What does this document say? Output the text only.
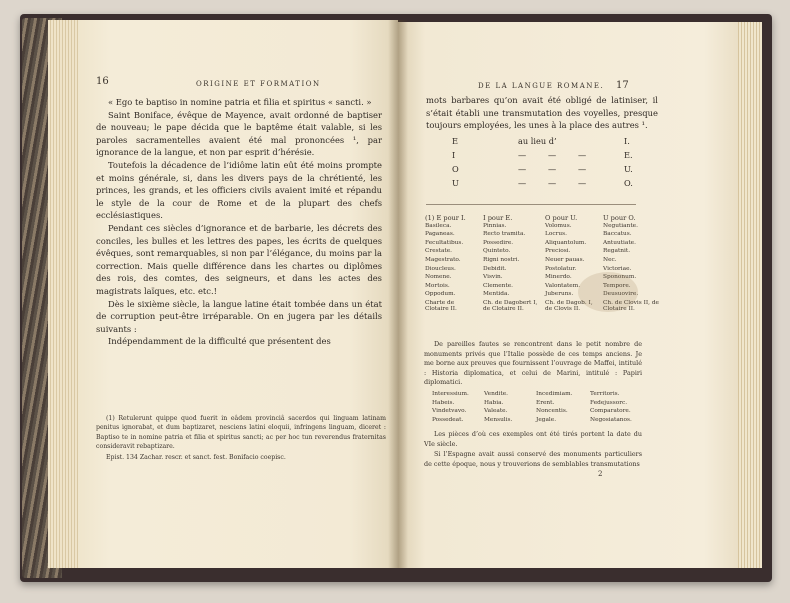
16	ORIGINE ET FORMATION

« Ego te baptiso in nomine patria et filia et spiritus « sancti. »

Saint Boniface, évêque de Mayence, avait ordonné de baptiser de nouveau; le pape décida que le baptême était valable, si les paroles sacramentelles avaient été mal prononcées ¹, par ignorance de la langue, et non par esprit d’hérésie.

Toutefois la décadence de l’idiôme latin eût été moins prompte et moins générale, si, dans les divers pays de la chrétienté, les princes, les grands, et les officiers civils avaient imité et répandu le style de la cour de Rome et de la plupart des chefs ecclésiastiques.

Pendant ces siècles d’ignorance et de barbarie, les décrets des conciles, les bulles et les lettres des papes, les écrits de quelques évêques, sont remarquables, si non par l’élégance, du moins par la correction. Mais quelle différence dans les chartes ou diplômes des rois, des comtes, des seigneurs, et dans les actes des magistrats laïques, etc. etc.!

Dès le sixième siècle, la langue latine était tombée dans un état de corruption peut-être irréparable. On en jugera par les détails suivants :

Indépendamment de la difficulté que présentent des

(1) Retulerunt quippe quod fuerit in eâdem provinciâ sacerdos qui linguam latinam penitus ignorabat, et dum baptizaret, nesciens latini eloquii, infringens linguam, diceret : Baptiso te in nomine patria et filia et spiritus sancti; ac per hoc tun reverendus fraternitas consideravit rebaptizare.

Epist. 134 Zachar. rescr. et sanct. fest. Bonifacio coepisc.

DE LA LANGUE ROMANE. 17

mots barbares qu’on avait été obligé de latiniser, il s’était établi une transmutation des voyelles, presque toujours employées, les unes à la place des autres ¹.

E	au lieu d’			I.
I	—	—	—	E.
O	—	—	—	U.
U	—	—	—	O.
(1) E pour I.	I pour E.	O pour U.	U pour O.
Basileca.	Pinnias.	Volomus.	Negutiante.
Paganeas.	Recto tramita.	Locrus.	Baccatus.
Fecultatibus.	Possedire.	Aliquantolum.	Antuutiate.
Crestate.	Quinteto.	Preciosi.	Regatnit.
Magestrato.	Rigni nostri.	Neuer pauas.	Nec.
Dioucleus.	Debidit.	Postolatur.	Victoriae.
Nomene.	Visvin.	Minerdo.	Spononum.
Mortois.	Clemente.	Valontatem.	Tempore.
Oppodum.	Mentida.	Juberuns.	Deusuovire.
Charte de Clotaire II.	Ch. de Dagobert I, de Clotaire II.	Ch. de Dagob. I, de Clovis II.	Ch. de Clovis II, de Clotaire II.

De pareilles fautes se rencontrent dans le petit nombre de monuments privés que l’Italie possède de ces temps anciens. Je me borne aux preuves que fournissent l’ouvrage de Maffei, intitulé : Historia diplomatica, et celui de Marini, intitulé : Papiri diplomatici.

Interessium.	Vendite.	Incedimiam.	Territoris.
Habeis.	Habia.	Erent.	Fedejussorc.
Vindetvavo.	Valeate.	Noncentis.	Comparatore.
Possedeat.	Mensulis.	Jegale.	Negosiatanos.

Les pièces d’où ces exemples ont été tirés portent la date du VIe siècle.

Si l’Espagne avait aussi conservé des monuments particuliers de cette époque, nous y trouverions de semblables transmutations

2
